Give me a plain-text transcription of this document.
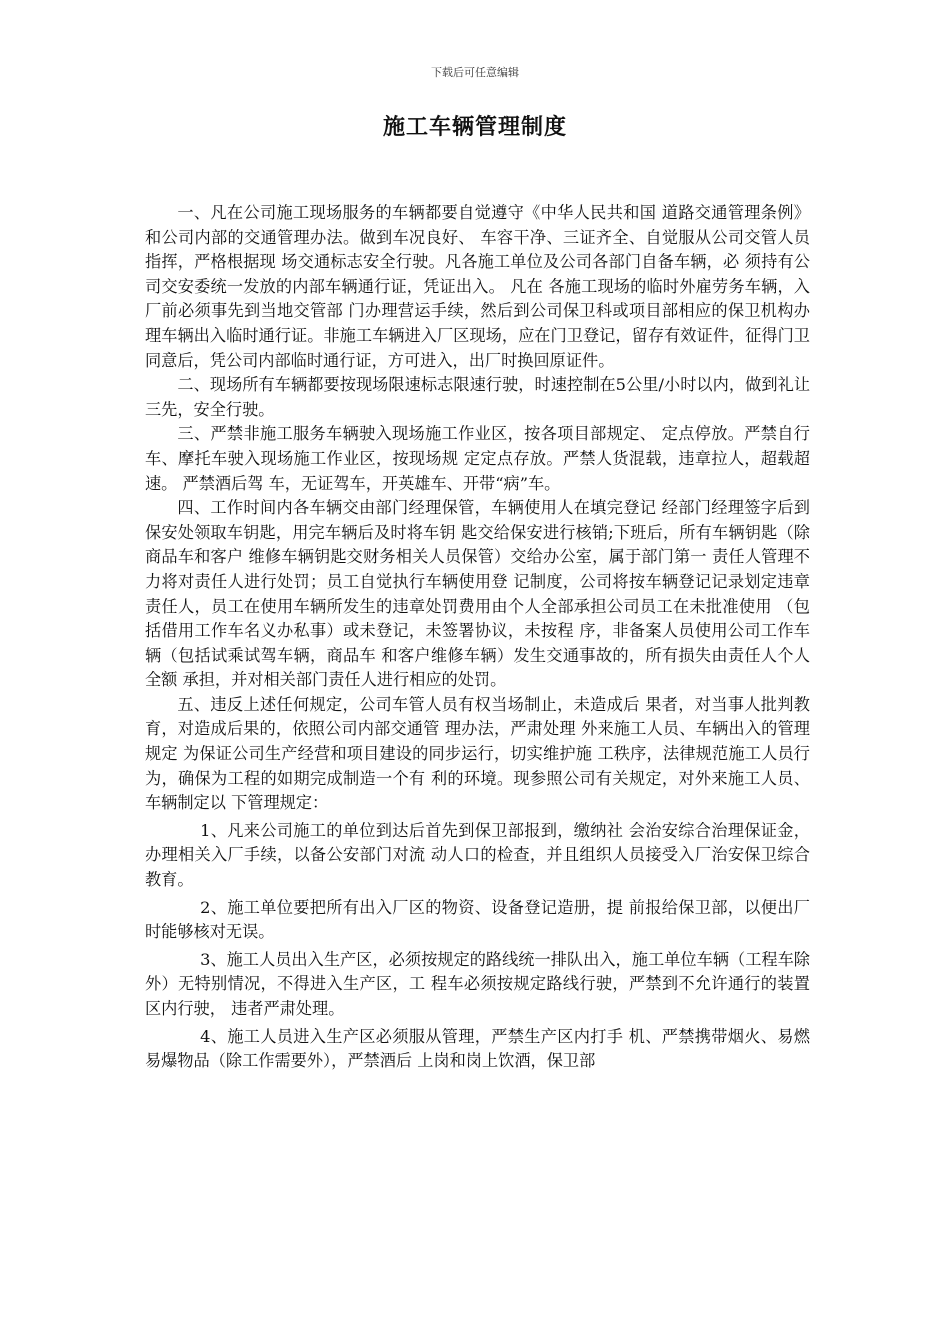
下载后可任意编辑
施工车辆管理制度

一、凡在公司施工现场服务的车辆都要自觉遵守《中华人民共和国 道路交通管理条例》和公司内部的交通管理办法。做到车况良好、 车容干净、三证齐全、自觉服从公司交管人员指挥，严格根据现 场交通标志安全行驶。凡各施工单位及公司各部门自备车辆，必 须持有公司交安委统一发放的内部车辆通行证，凭证出入。 凡在 各施工现场的临时外雇劳务车辆，入厂前必须事先到当地交管部 门办理营运手续，然后到公司保卫科或项目部相应的保卫机构办 理车辆出入临时通行证。非施工车辆进入厂区现场，应在门卫登记，留存有效证件，征得门卫同意后，凭公司内部临时通行证，方可进入，出厂时换回原证件。

二、现场所有车辆都要按现场限速标志限速行驶，时速控制在5公里/小时以内，做到礼让三先，安全行驶。

三、严禁非施工服务车辆驶入现场施工作业区，按各项目部规定、 定点停放。严禁自行车、摩托车驶入现场施工作业区，按现场规 定定点存放。严禁人货混载，违章拉人，超载超速。 严禁酒后驾 车，无证驾车，开英雄车、开带“病”车。

四、工作时间内各车辆交由部门经理保管，车辆使用人在填完登记 经部门经理签字后到保安处领取车钥匙，用完车辆后及时将车钥 匙交给保安进行核销;下班后，所有车辆钥匙（除商品车和客户 维修车辆钥匙交财务相关人员保管）交给办公室，属于部门第一 责任人管理不力将对责任人进行处罚；员工自觉执行车辆使用登 记制度，公司将按车辆登记记录划定违章责任人，员工在使用车辆所发生的违章处罚费用由个人全部承担公司员工在未批准使用 （包括借用工作车名义办私事）或未登记，未签署协议，未按程 序，非备案人员使用公司工作车辆（包括试乘试驾车辆，商品车 和客户维修车辆）发生交通事故的，所有损失由责任人个人全额 承担，并对相关部门责任人进行相应的处罚。

五、违反上述任何规定，公司车管人员有权当场制止，未造成后 果者，对当事人批判教育，对造成后果的，依照公司内部交通管 理办法，严肃处理 外来施工人员、车辆出入的管理规定 为保证公司生产经营和项目建设的同步运行，切实维护施 工秩序，法律规范施工人员行为，确保为工程的如期完成制造一个有 利的环境。现参照公司有关规定，对外来施工人员、车辆制定以 下管理规定：

1、凡来公司施工的单位到达后首先到保卫部报到，缴纳社 会治安综合治理保证金，办理相关入厂手续，以备公安部门对流 动人口的检查，并且组织人员接受入厂治安保卫综合教育。

2、施工单位要把所有出入厂区的物资、设备登记造册，提 前报给保卫部，以便出厂时能够核对无误。

3、施工人员出入生产区，必须按规定的路线统一排队出入，施工单位车辆（工程车除外）无特别情况，不得进入生产区，工 程车必须按规定路线行驶，严禁到不允许通行的装置区内行驶， 违者严肃处理。

4、施工人员进入生产区必须服从管理，严禁生产区内打手 机、严禁携带烟火、易燃易爆物品（除工作需要外），严禁酒后 上岗和岗上饮酒，保卫部
